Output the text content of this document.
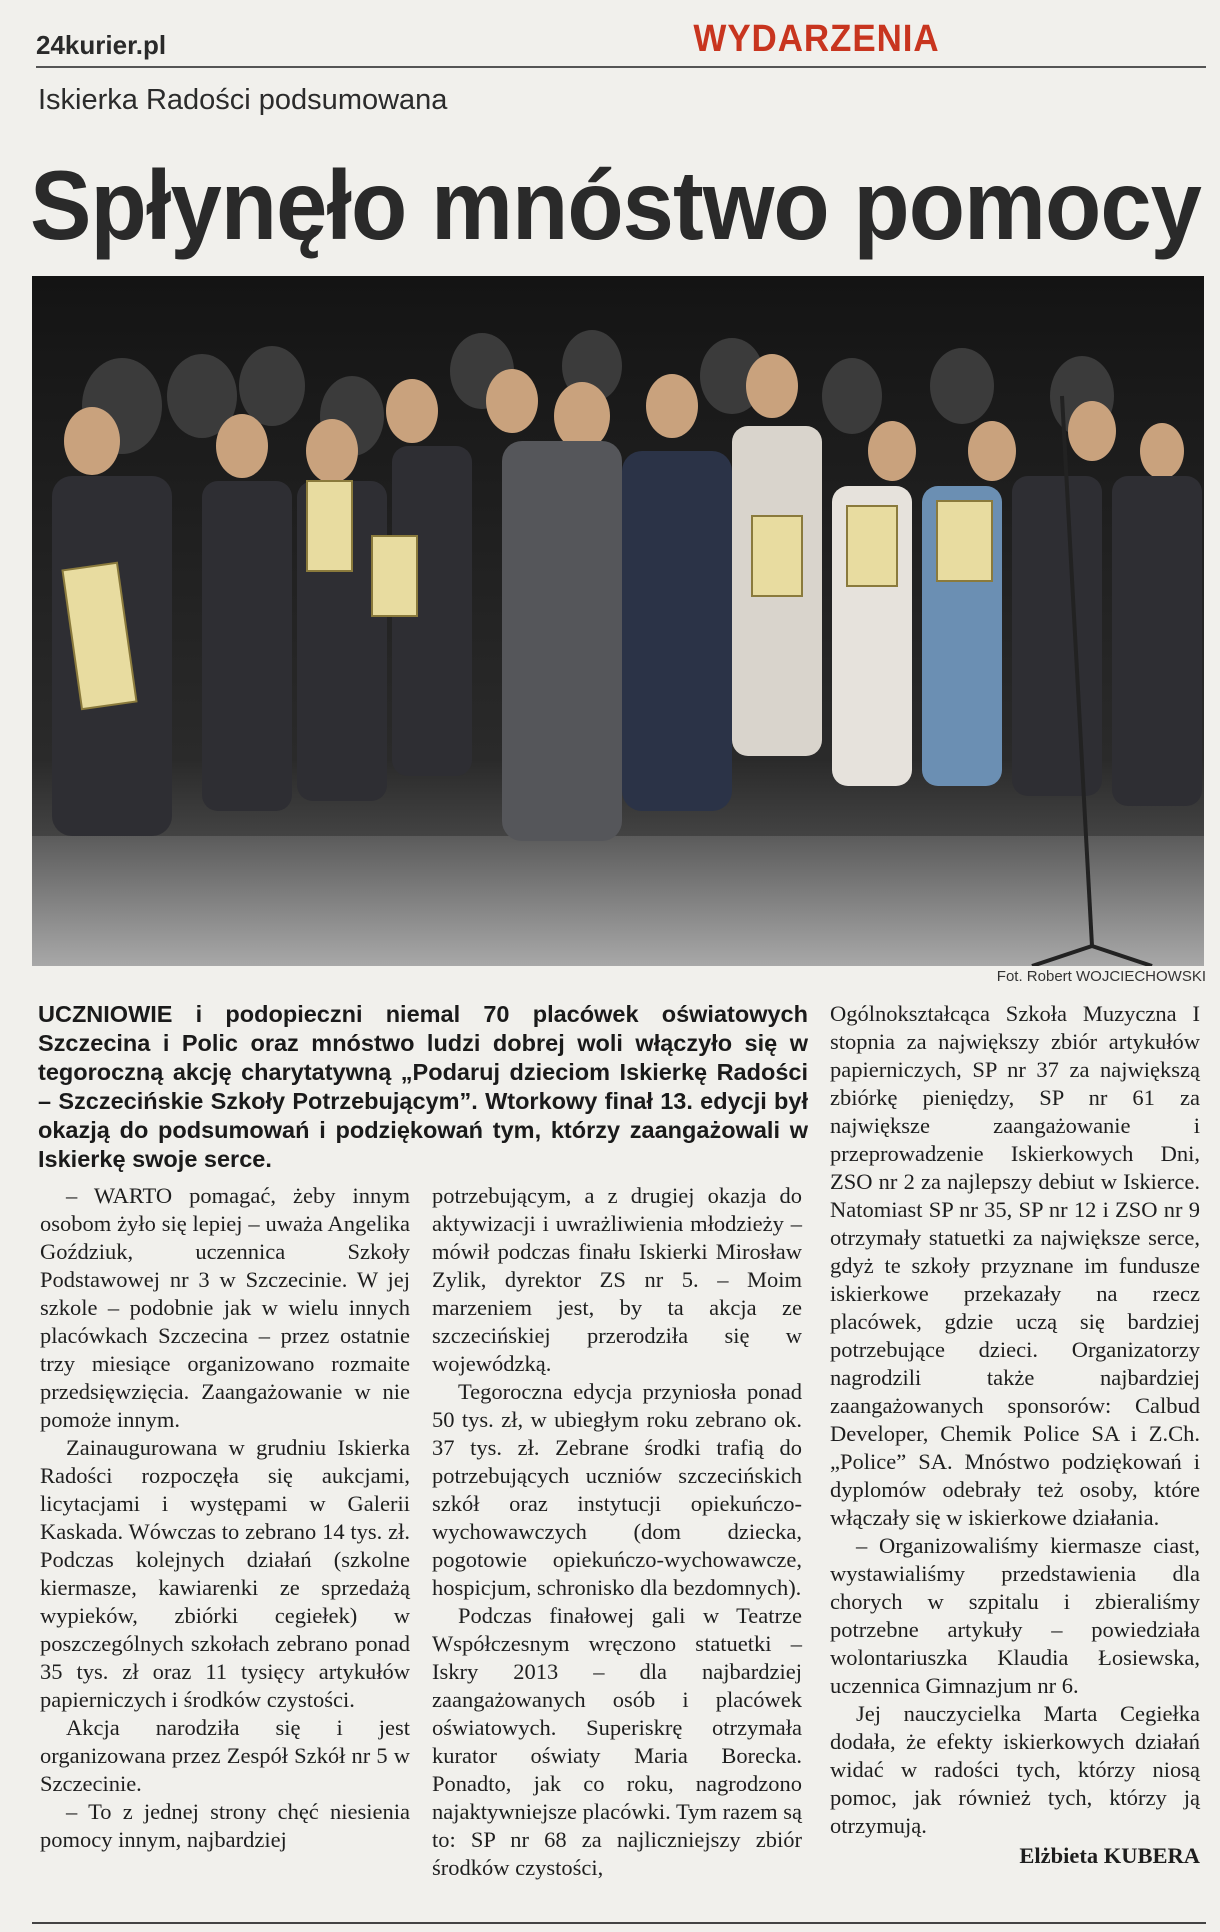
24kurier.pl	WYDARZENIA
Iskierka Radości podsumowana
Spłynęło mnóstwo pomocy
Fot. Robert WOJCIECHOWSKI
UCZNIOWIE i podopieczni niemal 70 placówek oświatowych Szczecina i Polic oraz mnóstwo ludzi dobrej woli włączyło się w tegoroczną akcję charytatywną „Podaruj dzieciom Iskierkę Radości – Szczecińskie Szkoły Potrzebującym”. Wtorkowy finał 13. edycji był okazją do podsumowań i podziękowań tym, którzy zaangażowali w Iskierkę swoje serce.

– WARTO pomagać, żeby innym osobom żyło się lepiej – uważa Angelika Goździuk, uczennica Szkoły Podstawowej nr 3 w Szczecinie. W jej szkole – podobnie jak w wielu innych placówkach Szczecina – przez ostatnie trzy miesiące organizowano rozmaite przedsięwzięcia. Zaangażowanie w nie pomoże innym.

Zainaugurowana w grudniu Iskierka Radości rozpoczęła się aukcjami, licytacjami i występami w Galerii Kaskada. Wówczas to zebrano 14 tys. zł. Podczas kolejnych działań (szkolne kiermasze, kawiarenki ze sprzedażą wypieków, zbiórki cegiełek) w poszczególnych szkołach zebrano ponad 35 tys. zł oraz 11 tysięcy artykułów papierniczych i środków czystości.

Akcja narodziła się i jest organizowana przez Zespół Szkół nr 5 w Szczecinie.

– To z jednej strony chęć niesienia pomocy innym, najbardziej

potrzebującym, a z drugiej okazja do aktywizacji i uwrażliwienia młodzieży – mówił podczas finału Iskierki Mirosław Zylik, dyrektor ZS nr 5. – Moim marzeniem jest, by ta akcja ze szczecińskiej przerodziła się w wojewódzką.

Tegoroczna edycja przyniosła ponad 50 tys. zł, w ubiegłym roku zebrano ok. 37 tys. zł. Zebrane środki trafią do potrzebujących uczniów szczecińskich szkół oraz instytucji opiekuńczo-wychowawczych (dom dziecka, pogotowie opiekuńczo-wychowawcze, hospicjum, schronisko dla bezdomnych).

Podczas finałowej gali w Teatrze Współczesnym wręczono statuetki – Iskry 2013 – dla najbardziej zaangażowanych osób i placówek oświatowych. Superiskrę otrzymała kurator oświaty Maria Borecka. Ponadto, jak co roku, nagrodzono najaktywniejsze placówki. Tym razem są to: SP nr 68 za najliczniejszy zbiór środków czystości,

Ogólnokształcąca Szkoła Muzyczna I stopnia za największy zbiór artykułów papierniczych, SP nr 37 za największą zbiórkę pieniędzy, SP nr 61 za największe zaangażowanie i przeprowadzenie Iskierkowych Dni, ZSO nr 2 za najlepszy debiut w Iskierce. Natomiast SP nr 35, SP nr 12 i ZSO nr 9 otrzymały statuetki za największe serce, gdyż te szkoły przyznane im fundusze iskierkowe przekazały na rzecz placówek, gdzie uczą się bardziej potrzebujące dzieci. Organizatorzy nagrodzili także najbardziej zaangażowanych sponsorów: Calbud Developer, Chemik Police SA i Z.Ch. „Police” SA. Mnóstwo podziękowań i dyplomów odebrały też osoby, które włączały się w iskierkowe działania.

– Organizowaliśmy kiermasze ciast, wystawialiśmy przedstawienia dla chorych w szpitalu i zbieraliśmy potrzebne artykuły – powiedziała wolontariuszka Klaudia Łosiewska, uczennica Gimnazjum nr 6.

Jej nauczycielka Marta Cegiełka dodała, że efekty iskierkowych działań widać w radości tych, którzy niosą pomoc, jak również tych, którzy ją otrzymują.

Elżbieta KUBERA
